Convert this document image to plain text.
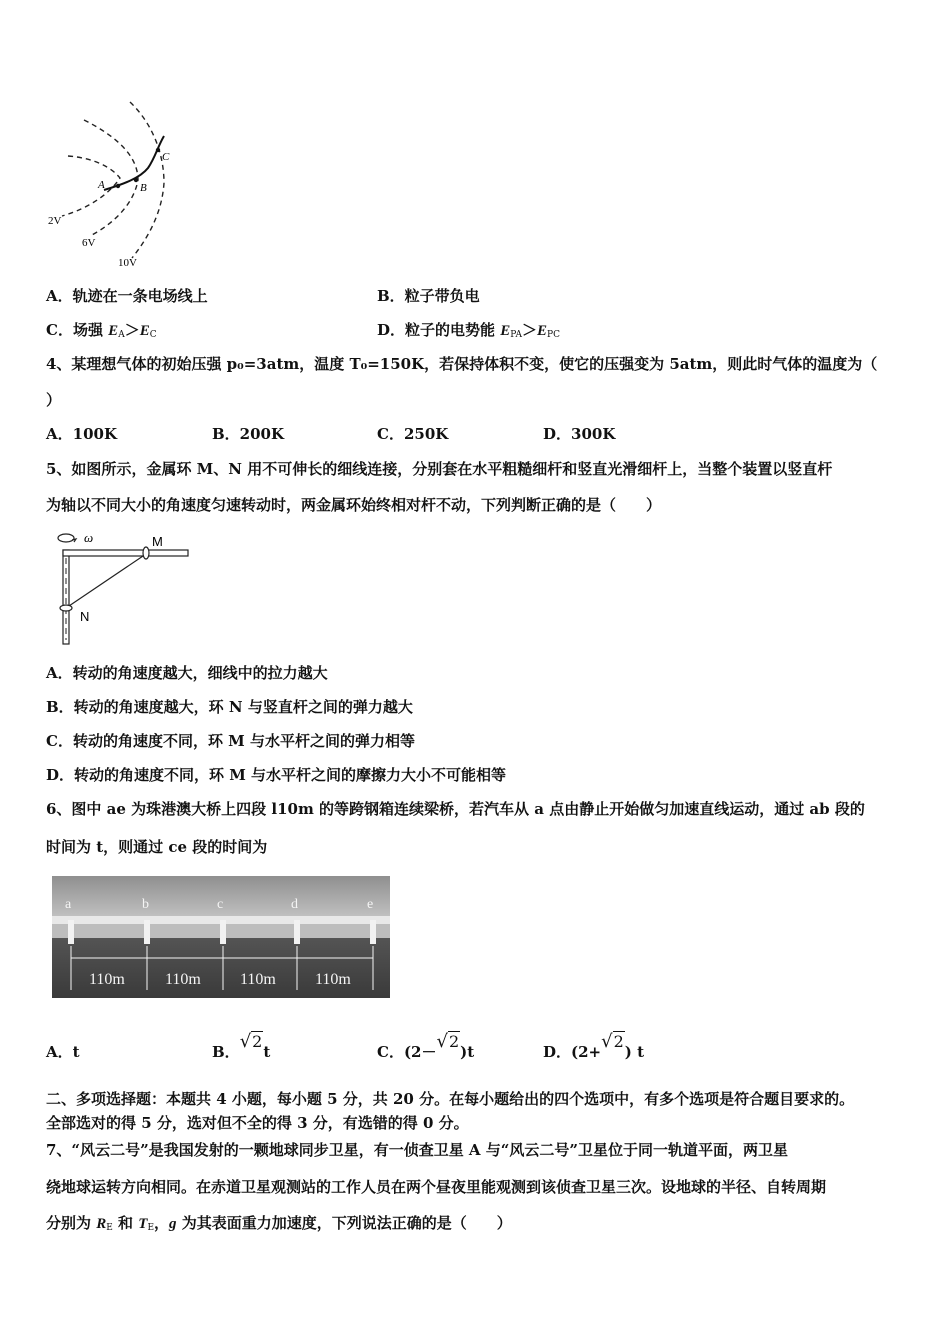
A	B
C
2V
6V
10V
A．轨迹在一条电场线上	B．粒子带负电
C．场强 $E_A>E_C$	D．粒子的电势能 $E_{PA}>E_{PC}$
4、某理想气体的初始压强 p₀=3atm，温度 T₀=150K，若保持体积不变，使它的压强变为 5atm，则此时气体的温度为（
）
A．100K	B．200K	C．250K	D．300K
5、如图所示，金属环 M、N 用不可伸长的细线连接，分别套在水平粗糙细杆和竖直光滑细杆上，当整个装置以竖直杆
为轴以不同大小的角速度匀速转动时，两金属环始终相对杆不动，下列判断正确的是（　　）
ω	M
N
A．转动的角速度越大，细线中的拉力越大
B．转动的角速度越大，环 N 与竖直杆之间的弹力越大
C．转动的角速度不同，环 M 与水平杆之间的弹力相等
D．转动的角速度不同，环 M 与水平杆之间的摩擦力大小不可能相等
6、图中 ae 为珠港澳大桥上四段 l10m 的等跨钢箱连续梁桥，若汽车从 a 点由静止开始做匀加速直线运动，通过 ab 段的
时间为 t，则通过 ce 段的时间为
a	b	c	d	e
110m	110m 110m 110m
A．t	B．√2t	C．(2－√2)t	D．(2+√2) t
二、多项选择题：本题共 4 小题，每小题 5 分，共 20 分。在每小题给出的四个选项中，有多个选项是符合题目要求的。
全部选对的得 5 分，选对但不全的得 3 分，有选错的得 0 分。
7、“风云二号”是我国发射的一颗地球同步卫星，有一侦查卫星 A 与“风云二号”卫星位于同一轨道平面，两卫星
绕地球运转方向相同。在赤道卫星观测站的工作人员在两个昼夜里能观测到该侦查卫星三次。设地球的半径、自转周期
分别为 $R_E$ 和 $T_E$，g 为其表面重力加速度，下列说法正确的是（　　）
